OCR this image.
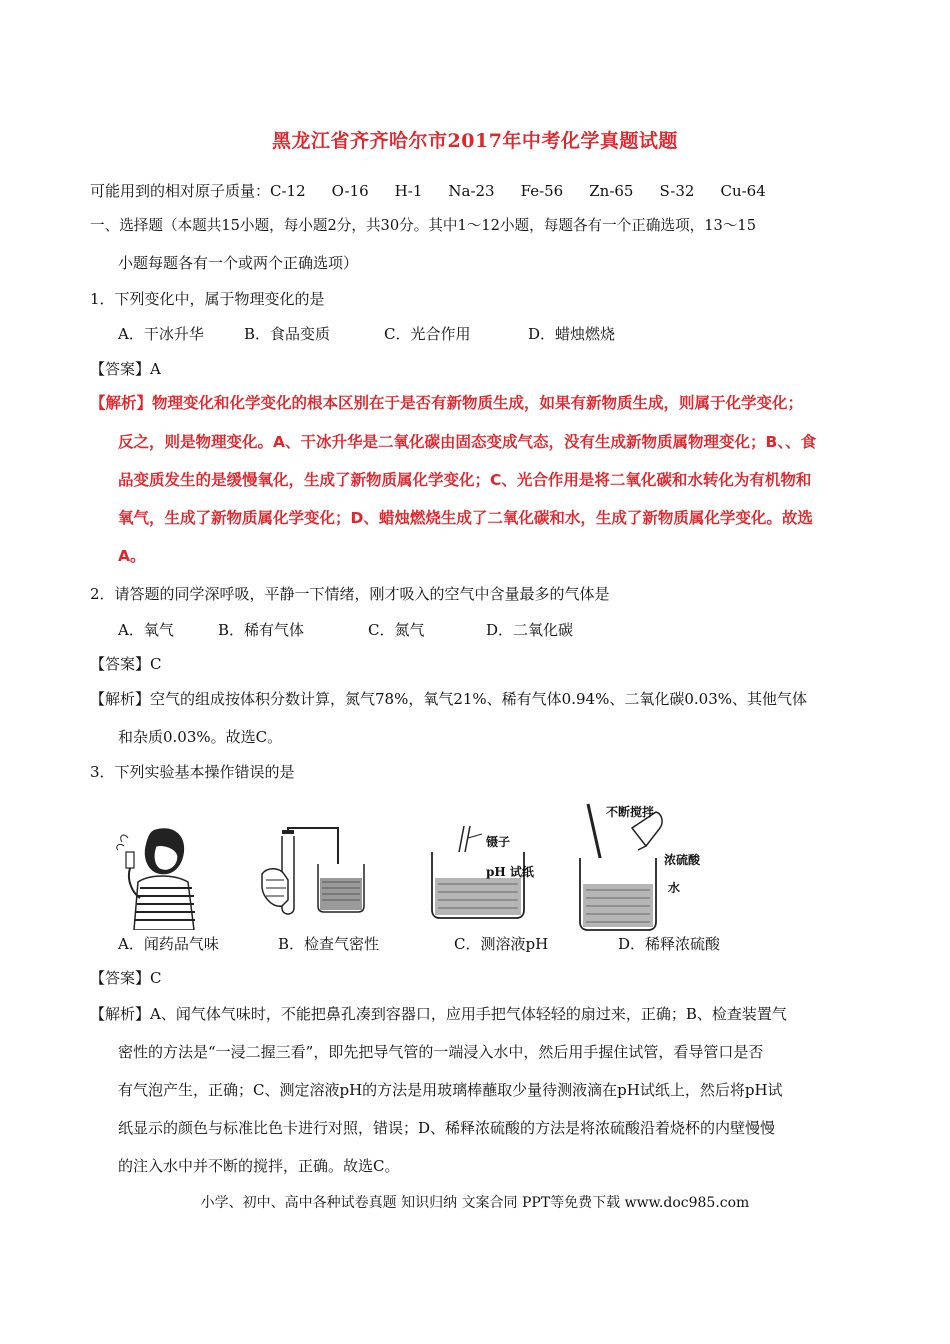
黑龙江省齐齐哈尔市2017年中考化学真题试题
可能用到的相对原子质量：C-12 O-16 H-1 Na-23 Fe-56 Zn-65 S-32 Cu-64
一、选择题（本题共15小题，每小题2分，共30分。其中1～12小题，每题各有一个正确选项，13～15
小题每题各有一个或两个正确选项）
1．下列变化中，属于物理变化的是
A．干冰升华	B．食品变质	C．光合作用	D．蜡烛燃烧
【答案】A
【解析】物理变化和化学变化的根本区别在于是否有新物质生成，如果有新物质生成，则属于化学变化；
反之，则是物理变化。A、干冰升华是二氧化碳由固态变成气态，没有生成新物质属物理变化；B、、食
品变质发生的是缓慢氧化，生成了新物质属化学变化；C、光合作用是将二氧化碳和水转化为有机物和
氧气，生成了新物质属化学变化；D、蜡烛燃烧生成了二氧化碳和水，生成了新物质属化学变化。故选
A。
2．请答题的同学深呼吸，平静一下情绪，刚才吸入的空气中含量最多的气体是
A．氧气	B．稀有气体	C．氮气	D．二氧化碳
【答案】C
【解析】空气的组成按体积分数计算，氮气78%，氧气21%、稀有气体0.94%、二氧化碳0.03%、其他气体
和杂质0.03%。故选C。
3．下列实验基本操作错误的是
镊子
pH 试纸
不断搅拌
浓硫酸
水
A．闻药品气味	B．检查气密性	C．测溶液pH	D．稀释浓硫酸
【答案】C
【解析】A、闻气体气味时，不能把鼻孔凑到容器口，应用手把气体轻轻的扇过来，正确；B、检查装置气
密性的方法是“一浸二握三看”，即先把导气管的一端浸入水中，然后用手握住试管，看导管口是否
有气泡产生，正确；C、测定溶液pH的方法是用玻璃棒蘸取少量待测液滴在pH试纸上，然后将pH试
纸显示的颜色与标准比色卡进行对照，错误；D、稀释浓硫酸的方法是将浓硫酸沿着烧杯的内壁慢慢
的注入水中并不断的搅拌，正确。故选C。
小学、初中、高中各种试卷真题 知识归纳 文案合同 PPT等免费下载 www.doc985.com
